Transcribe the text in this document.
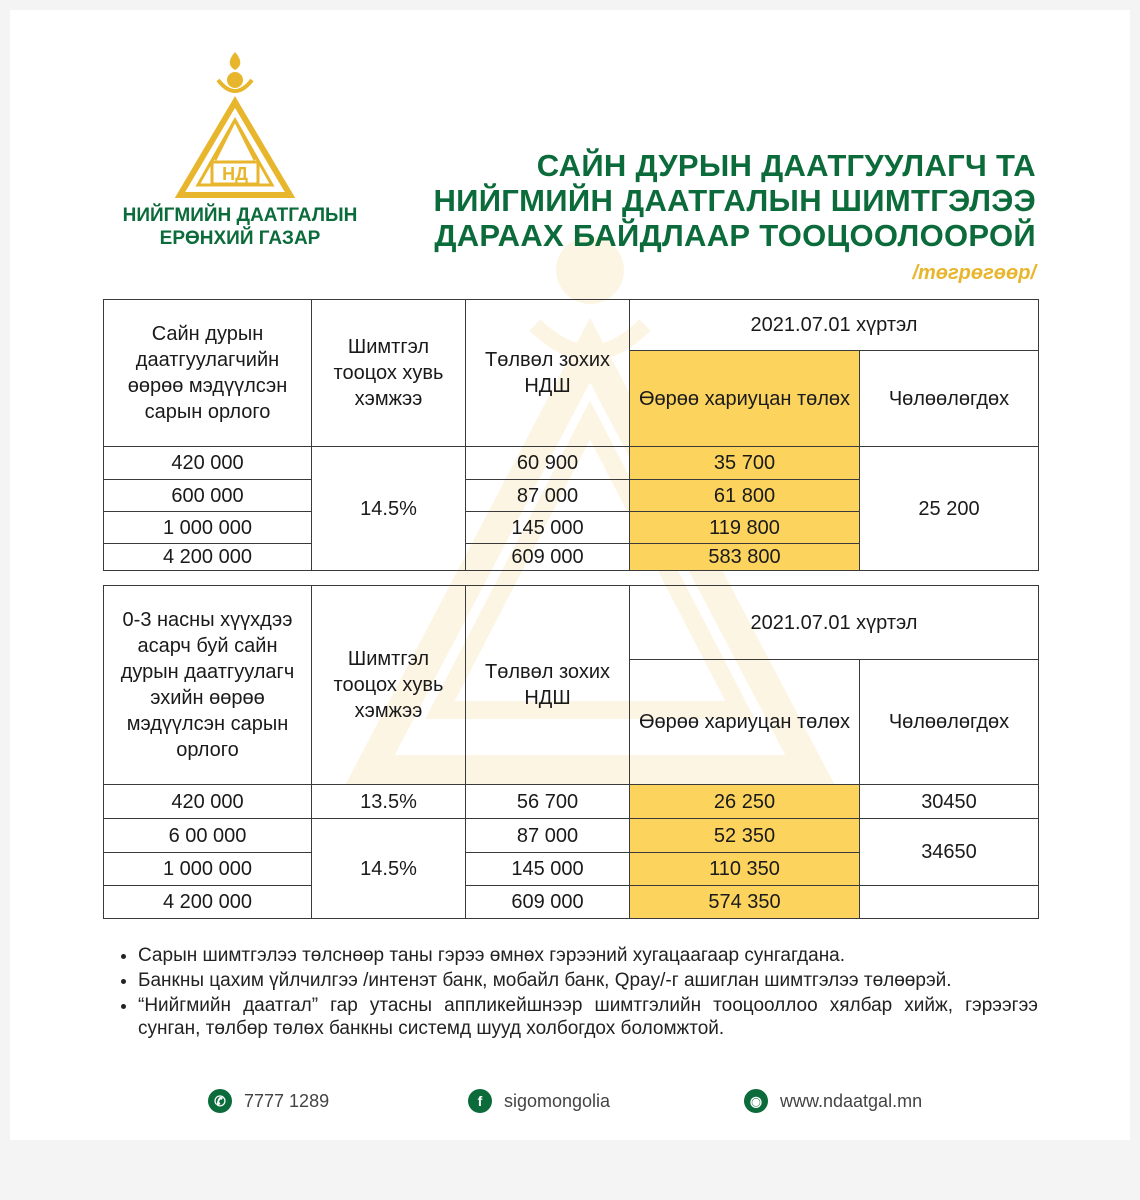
НД
НИЙГМИЙН ДААТГАЛЫН
ЕРӨНХИЙ ГАЗАР
САЙН ДУРЫН ДААТГУУЛАГЧ ТА
НИЙГМИЙН ДААТГАЛЫН ШИМТГЭЛЭЭ
ДАРААХ БАЙДЛААР ТООЦООЛООРОЙ
/төгрөгөөр/
Сайн дурын даатгуулагчийн өөрөө мэдүүлсэн сарын орлого	Шимтгэл тооцох хувь хэмжээ	Төлвөл зохих НДШ	2021.07.01 хүртэл	
			Өөрөө хариуцан төлөх	Чөлөөлөгдөх
420 000	14.5%	60 900	35 700	25 200
600 000		87 000	61 800	
1 000 000		145 000	119 800	
4 200 000		609 000	583 800	
0-3 насны хүүхдээ асарч буй сайн дурын даатгуулагч эхийн өөрөө мэдүүлсэн сарын орлого	Шимтгэл тооцох хувь хэмжээ	Төлвөл зохих НДШ	2021.07.01 хүртэл	
			Өөрөө хариуцан төлөх	Чөлөөлөгдөх
420 000	13.5%	56 700	26 250	30450
6 00 000	14.5%	87 000	52 350	34650
1 000 000		145 000	110 350	
4 200 000		609 000	574 350	
• Сарын шимтгэлээ төлснөөр таны гэрээ өмнөх гэрээний хугацаагаар сунгагдана.
• Банкны цахим үйлчилгээ /интенэт банк, мобайл банк, Qpay/-г ашиглан шимтгэлээ төлөөрэй.
• “Нийгмийн даатгал” гар утасны аппликейшнээр шимтгэлийн тооцооллоо хялбар хийж, гэрээгээ сунган, төлбөр төлөх банкны системд шууд холбогдох боломжтой.
✆	7777 1289	f	sigomongolia	◉ www.ndaatgal.mn
